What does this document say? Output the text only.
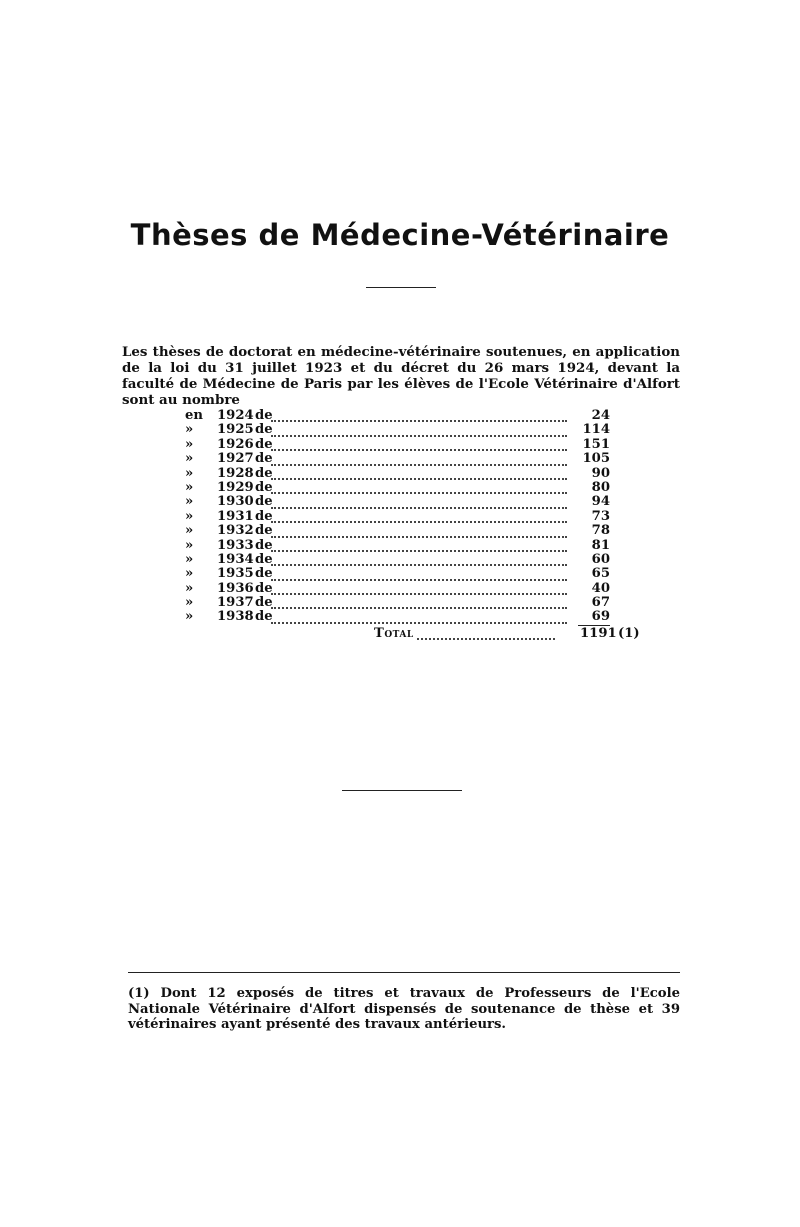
Thèses de Médecine-Vétérinaire

Les thèses de doctorat en médecine-vétérinaire soutenues, en application de la loi du 31 juillet 1923 et du décret du 26 mars 1924, devant la faculté de Médecine de Paris par les élèves de l'Ecole Vétérinaire d'Alfort sont au nombre

en	1924 de	24
»	1925 de	114
»	1926 de	151
»	1927 de	105
»	1928 de	90
»	1929 de	80
»	1930 de	94
»	1931 de	73
»	1932 de	78
»	1933 de	81
»	1934 de	60
»	1935 de	65
»	1936 de	40
»	1937 de	67
»	1938 de	69
Total	1191 (1)

(1) Dont 12 exposés de titres et travaux de Professeurs de l'Ecole Nationale Vétérinaire d'Alfort dispensés de soutenance de thèse et 39 vétérinaires ayant présenté des travaux antérieurs.
